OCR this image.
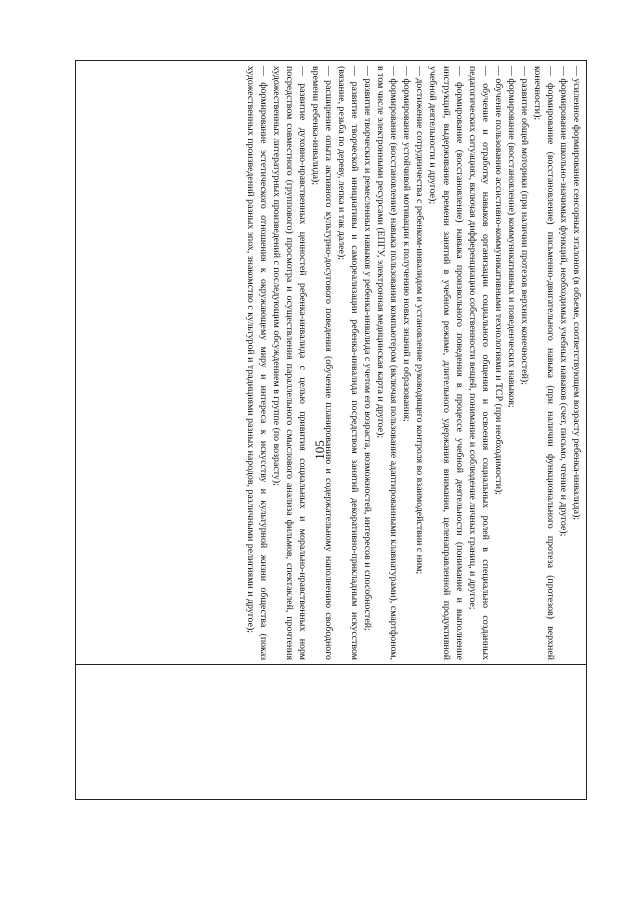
105	— усиленное формирование сенсорных эталонов (в объеме, соответствующем возрасту ребенка-инвалида);

— формирование школьно-значимых функций, необходимых учебных навыков (счет, письмо, чтение и другое);

— формирование (восстановление) письменно-двигательного навыка (при наличии функционального протеза (протезов) верхней конечности);

— развитие общей моторики (при наличии протезов верхних конечностей);

— формирование (восстановление) коммуникативных и поведенческих навыков;

— обучение пользованию ассистивно-коммуникативными технологиями и ТСР (при необходимости);

— обучение и отработку навыков организации социального общения и освоения социальных ролей в специально созданных педагогических ситуациях, включая дифференциацию собственности вещей, понимание и соблюдение личных границ, и другое;

— формирование (восстановление) навыка произвольного поведения в процессе учебной деятельности (понимание и выполнение инструкций, выдерживание времени занятий в учебном режиме, длительного удержания внимания, целенаправленной продуктивной учебной деятельности и другое);

— достижение сотрудничества с ребенком-инвалидом и установление руководящего контроля во взаимодействии с ним;

— формирование устойчивой мотивации к получению новых знаний и образования;

— формирование (восстановление) навыка пользования компьютером (включая пользование адаптированными клавиатурами), смартфоном, в том числе электронными ресурсами (ЕПГУ, электронная медицинская карта и другое);

— развитие творческих и ремесленных навыков у ребенка-инвалида с учетом его возраста, возможностей, интересов и способностей;

— развитие творческой инициативы и самореализации ребенка-инвалида посредством занятий декоративно-прикладным искусством (вязание, резьба по дереву, лепка и так далее);

— расширение опыта активного культурно-досугового поведения (обучение планированию и содержательному наполнению свободного времени ребенка-инвалида);

— развитие духовно-нравственных ценностей ребенка-инвалида с целью привития социальных и морально-нравственных норм посредством совместного (группового) просмотра и осуществления параллельного смыслового анализа фильмов, спектаклей, прочтения художественных литературных произведений с последующим обсуждением в группе (по возрасту);

— формирование эстетического отношения к окружающему миру и интереса к искусству и культурной жизни общества (показ художественных произведений разных эпох, знакомство с культурой и традициями разных народов, различными религиями и другое);
